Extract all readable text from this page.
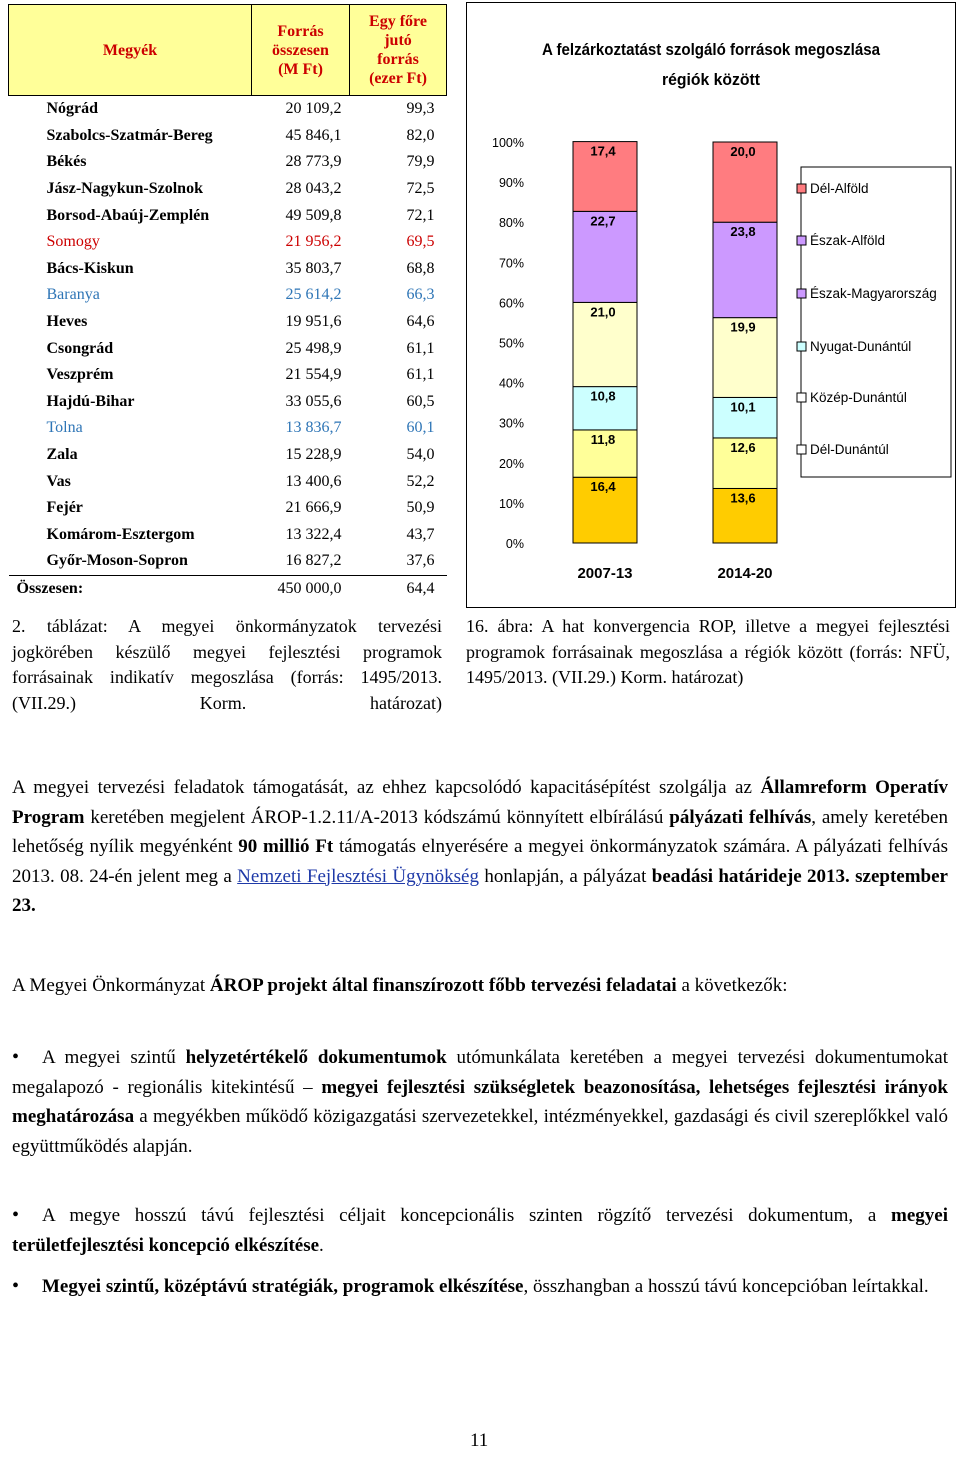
Megyék	Forrás összesen (M Ft)	Egy főre jutó forrás (ezer Ft)
Nógrád	20 109,2	99,3
Szabolcs-Szatmár-Bereg	45 846,1	82,0
Békés	28 773,9	79,9
Jász-Nagykun-Szolnok	28 043,2	72,5
Borsod-Abaúj-Zemplén	49 509,8	72,1
Somogy	21 956,2	69,5
Bács-Kiskun	35 803,7	68,8
Baranya	25 614,2	66,3
Heves	19 951,6	64,6
Csongrád	25 498,9	61,1
Veszprém	21 554,9	61,1
Hajdú-Bihar	33 055,6	60,5
Tolna	13 836,7	60,1
Zala	15 228,9	54,0
Vas	13 400,6	52,2
Fejér	21 666,9	50,9
Komárom-Esztergom	13 322,4	43,7
Győr-Moson-Sopron	16 827,2	37,6
Összesen:	450 000,0	64,4
2. táblázat: A megyei önkormányzatok tervezési jogkörében készülő megyei fejlesztési programok forrásainak indikatív megoszlása (forrás: 1495/2013. (VII.29.) Korm. határozat)
A felzárkoztatást szolgáló források megoszlása
régiók között
0%
10%
20%
30%
40%
50%
60%
70%
80%
90%
100%
16,4
11,8
10,8
21,0
22,7
17,4
2007-13
13,6
12,6
10,1
19,9
23,8
20,0
2014-20
Dél-Alföld
Észak-Alföld
Észak-Magyarország
Nyugat-Dunántúl
Közép-Dunántúl
Dél-Dunántúl
16. ábra: A hat konvergencia ROP, illetve a megyei fejlesztési programok forrásainak megoszlása a régiók között (forrás: NFÜ, 1495/2013. (VII.29.) Korm. határozat)
A megyei tervezési feladatok támogatását, az ehhez kapcsolódó kapacitásépítést szolgálja az Államreform Operatív Program keretében megjelent ÁROP-1.2.11/A-2013 kódszámú könnyített elbírálású pályázati felhívás, amely keretében lehetőség nyílik megyénként 90 millió Ft támogatás elnyerésére a megyei önkormányzatok számára. A pályázati felhívás 2013. 08. 24-én jelent meg a Nemzeti Fejlesztési Ügynökség honlapján, a pályázat beadási határideje 2013. szeptember 23.
A Megyei Önkormányzat ÁROP projekt által finanszírozott főbb tervezési feladatai a következők:
•	A megyei szintű helyzetértékelő dokumentumok utómunkálata keretében a megyei tervezési dokumentumokat megalapozó - regionális kitekintésű – megyei fejlesztési szükségletek beazonosítása, lehetséges fejlesztési irányok meghatározása a megyékben működő közigazgatási szervezetekkel, intézményekkel, gazdasági és civil szereplőkkel való együttműködés alapján.
•	A megye hosszú távú fejlesztési céljait koncepcionális szinten rögzítő tervezési dokumentum, a megyei területfejlesztési koncepció elkészítése.
•	Megyei szintű, középtávú stratégiák, programok elkészítése, összhangban a hosszú távú koncepcióban leírtakkal.
11
